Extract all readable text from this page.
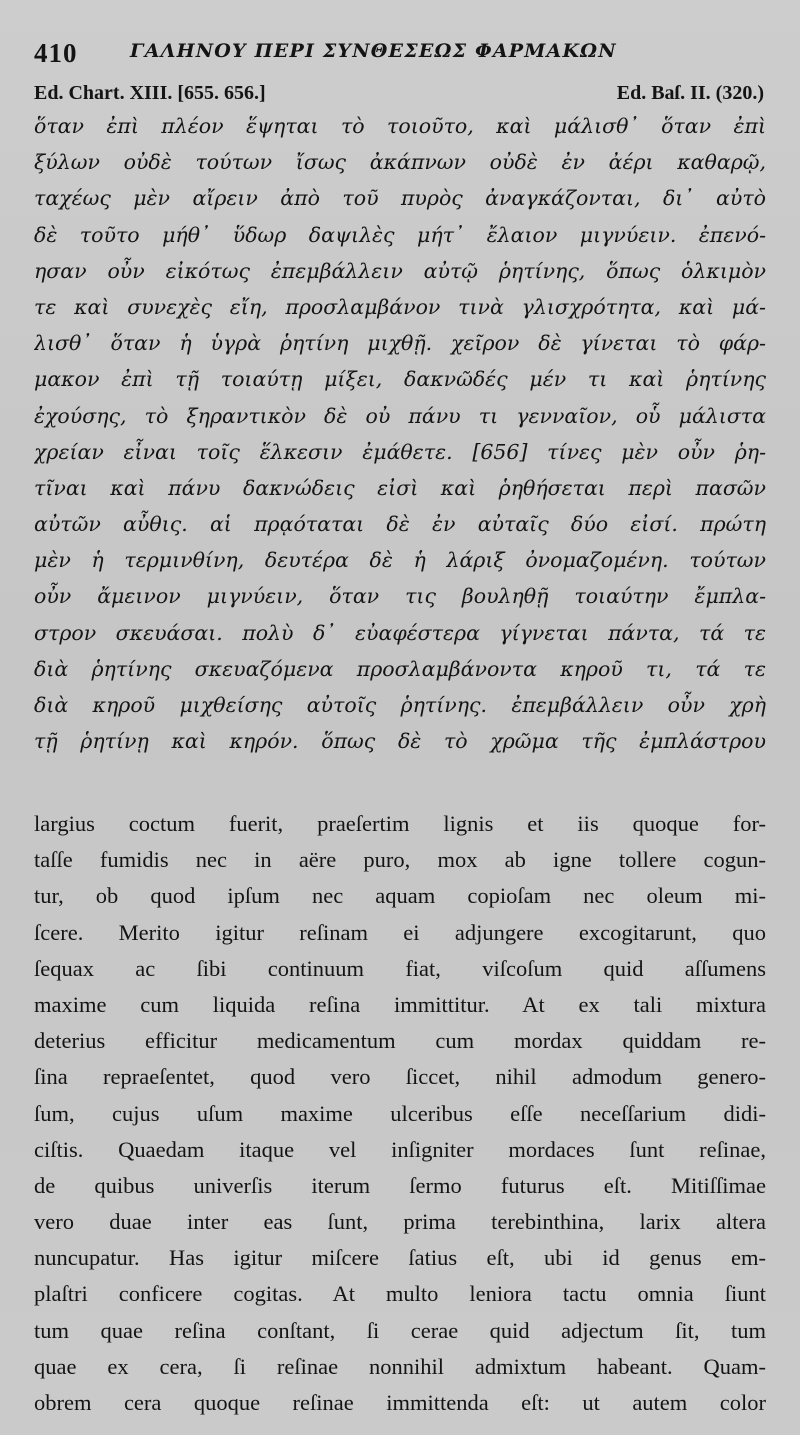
410	ΓΑΛΗΝΟΥ ΠΕΡΙ ΣΥΝΘΕΣΕΩΣ ΦΑΡΜΑΚΩΝ
Ed. Chart. XIII. [655. 656.]	Ed. Baſ. II. (320.)
ὅταν ἐπὶ πλέον ἕψηται τὸ τοιοῦτο, καὶ μάλισθ᾽ ὅταν ἐπὶ
ξύλων οὐδὲ τούτων ἴσως ἀκάπνων οὐδὲ ἐν ἀέρι καθαρῷ,
ταχέως μὲν αἴρειν ἀπὸ τοῦ πυρὸς ἀναγκάζονται, δι᾽ αὐτὸ
δὲ τοῦτο μήθ᾽ ὕδωρ δαψιλὲς μήτ᾽ ἔλαιον μιγνύειν. ἐπενό-
ησαν οὖν εἰκότως ἐπεμβάλλειν αὐτῷ ῥητίνης, ὅπως ὁλκιμὸν
τε καὶ συνεχὲς εἴη, προσλαμβάνον τινὰ γλισχρότητα, καὶ μά-
λισθ᾽ ὅταν ἡ ὑγρὰ ῥητίνη μιχθῇ. χεῖρον δὲ γίνεται τὸ φάρ-
μακον ἐπὶ τῇ τοιαύτῃ μίξει, δακνῶδές μέν τι καὶ ῥητίνης
ἐχούσης, τὸ ξηραντικὸν δὲ οὐ πάνυ τι γενναῖον, οὗ μάλιστα
χρείαν εἶναι τοῖς ἕλκεσιν ἐμάθετε. [656] τίνες μὲν οὖν ῥη-
τῖναι καὶ πάνυ δακνώδεις εἰσὶ καὶ ῥηθήσεται περὶ πασῶν
αὐτῶν αὖθις. αἱ πρᾳόταται δὲ ἐν αὐταῖς δύο εἰσί. πρώτη
μὲν ἡ τερμινθίνη, δευτέρα δὲ ἡ λάριξ ὀνομαζομένη. τούτων
οὖν ἄμεινον μιγνύειν, ὅταν τις βουληθῇ τοιαύτην ἔμπλα-
στρον σκευάσαι. πολὺ δ᾽ εὐαφέστερα γίγνεται πάντα, τά τε
διὰ ῥητίνης σκευαζόμενα προσλαμβάνοντα κηροῦ τι, τά τε
διὰ κηροῦ μιχθείσης αὐτοῖς ῥητίνης. ἐπεμβάλλειν οὖν χρὴ
τῇ ῥητίνῃ καὶ κηρόν. ὅπως δὲ τὸ χρῶμα τῆς ἐμπλάστρου
largius coctum fuerit, praeſertim lignis et iis quoque for-
taſſe fumidis nec in aëre puro, mox ab igne tollere cogun-
tur, ob quod ipſum nec aquam copioſam nec oleum mi-
ſcere. Merito igitur reſinam ei adjungere excogitarunt, quo
ſequax ac ſibi continuum fiat, viſcoſum quid aſſumens
maxime cum liquida reſina immittitur. At ex tali mixtura
deterius efficitur medicamentum cum mordax quiddam re-
ſina repraeſentet, quod vero ſiccet, nihil admodum genero-
ſum, cujus uſum maxime ulceribus eſſe neceſſarium didi-
ciſtis. Quaedam itaque vel inſigniter mordaces ſunt reſinae,
de quibus univerſis iterum ſermo futurus eſt. Mitiſſimae
vero duae inter eas ſunt, prima terebinthina, larix altera
nuncupatur. Has igitur miſcere ſatius eſt, ubi id genus em-
plaſtri conficere cogitas. At multo leniora tactu omnia ſiunt
tum quae reſina conſtant, ſi cerae quid adjectum ſit, tum
quae ex cera, ſi reſinae nonnihil admixtum habeant. Quam-
obrem cera quoque reſinae immittenda eſt: ut autem color
